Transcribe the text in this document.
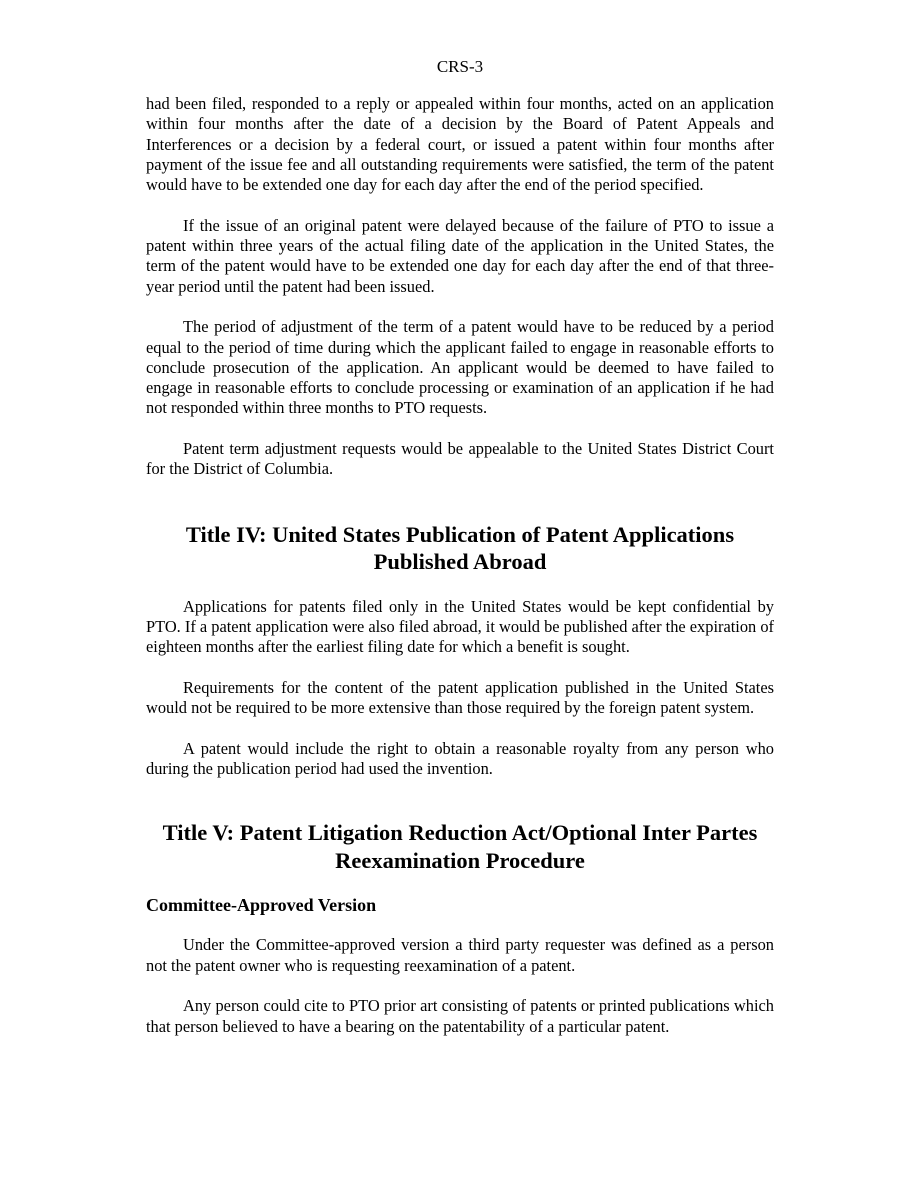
CRS-3

had been filed, responded to a reply or appealed within four months, acted on an application within four months after the date of a decision by the Board of Patent Appeals and Interferences or a decision by a federal court, or issued a patent within four months after payment of the issue fee and all outstanding requirements were satisfied, the term of the patent would have to be extended one day for each day after the end of the period specified.

If the issue of an original patent were delayed because of the failure of PTO to issue a patent within three years of the actual filing date of the application in the United States, the term of the patent would have to be extended one day for each day after the end of that three-year period until the patent had been issued.

The period of adjustment of the term of a patent would have to be reduced by a period equal to the period of time during which the applicant failed to engage in reasonable efforts to conclude prosecution of the application. An applicant would be deemed to have failed to engage in reasonable efforts to conclude processing or examination of an application if he had not responded within three months to PTO requests.

Patent term adjustment requests would be appealable to the United States District Court for the District of Columbia.

Title IV: United States Publication of Patent Applications Published Abroad

Applications for patents filed only in the United States would be kept confidential by PTO. If a patent application were also filed abroad, it would be published after the expiration of eighteen months after the earliest filing date for which a benefit is sought.

Requirements for the content of the patent application published in the United States would not be required to be more extensive than those required by the foreign patent system.

A patent would include the right to obtain a reasonable royalty from any person who during the publication period had used the invention.

Title V: Patent Litigation Reduction Act/Optional Inter Partes Reexamination Procedure
Committee-Approved Version

Under the Committee-approved version a third party requester was defined as a person not the patent owner who is requesting reexamination of a patent.

Any person could cite to PTO prior art consisting of patents or printed publications which that person believed to have a bearing on the patentability of a particular patent.
